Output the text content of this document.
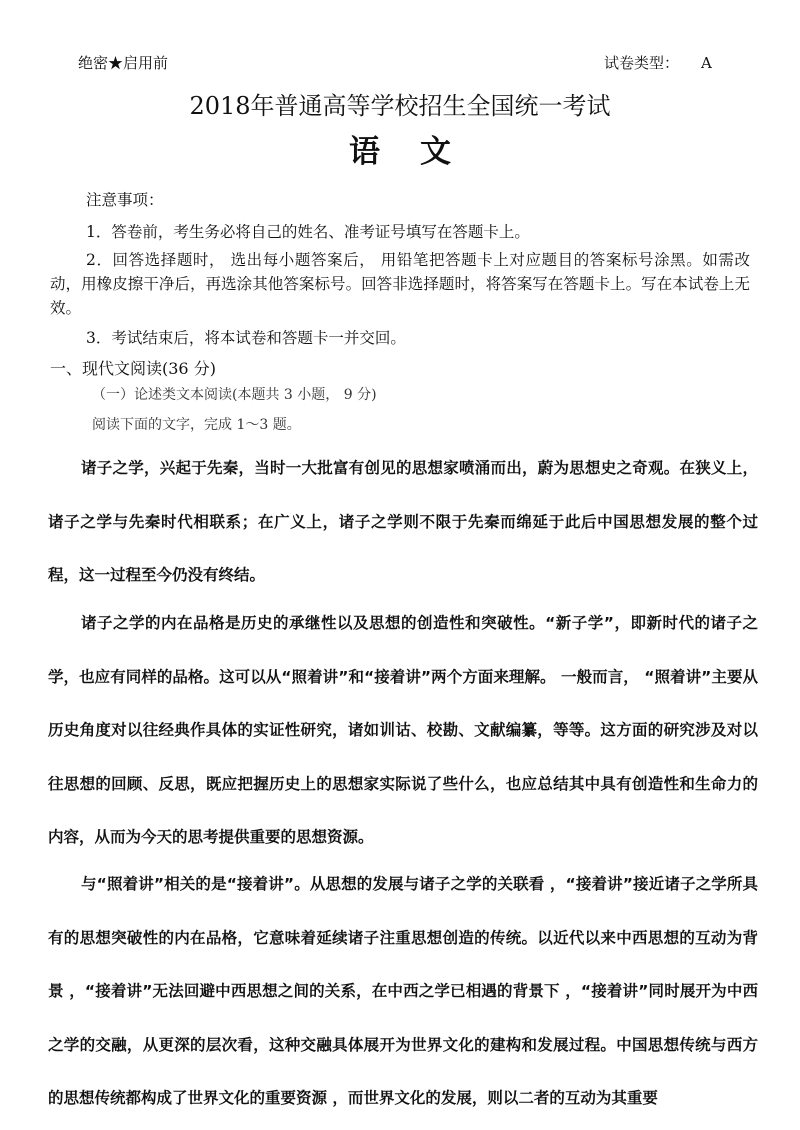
绝密★启用前	试卷类型： A
2018年普通高等学校招生全国统一考试
语文
注意事项：
1．答卷前，考生务必将自己的姓名、准考证号填写在答题卡上。
2．回答选择题时， 选出每小题答案后， 用铅笔把答题卡上对应题目的答案标号涂黑。如需改动，用橡皮擦干净后，再选涂其他答案标号。回答非选择题时，将答案写在答题卡上。写在本试卷上无效。
3．考试结束后，将本试卷和答题卡一并交回。
一、现代文阅读(36 分)
（一）论述类文本阅读(本题共 3 小题， 9 分)
阅读下面的文字，完成 1～3 题。

诸子之学，兴起于先秦，当时一大批富有创见的思想家喷涌而出，蔚为思想史之奇观。在狭义上，诸子之学与先秦时代相联系；在广义上，诸子之学则不限于先秦而绵延于此后中国思想发展的整个过程，这一过程至今仍没有终结。

诸子之学的内在品格是历史的承继性以及思想的创造性和突破性。“新子学”，即新时代的诸子之学，也应有同样的品格。这可以从“照着讲”和“接着讲”两个方面来理解。 一般而言， “照着讲”主要从历史角度对以往经典作具体的实证性研究，诸如训诂、校勘、文献编纂，等等。这方面的研究涉及对以往思想的回顾、反思，既应把握历史上的思想家实际说了些什么，也应总结其中具有创造性和生命力的内容，从而为今天的思考提供重要的思想资源。

与“照着讲”相关的是“接着讲”。从思想的发展与诸子之学的关联看 ，“接着讲”接近诸子之学所具有的思想突破性的内在品格，它意味着延续诸子注重思想创造的传统。以近代以来中西思想的互动为背景 ，“接着讲”无法回避中西思想之间的关系，在中西之学已相遇的背景下 ，“接着讲”同时展开为中西之学的交融，从更深的层次看，这种交融具体展开为世界文化的建构和发展过程。中国思想传统与西方的思想传统都构成了世界文化的重要资源 ，而世界文化的发展，则以二者的互动为其重要
